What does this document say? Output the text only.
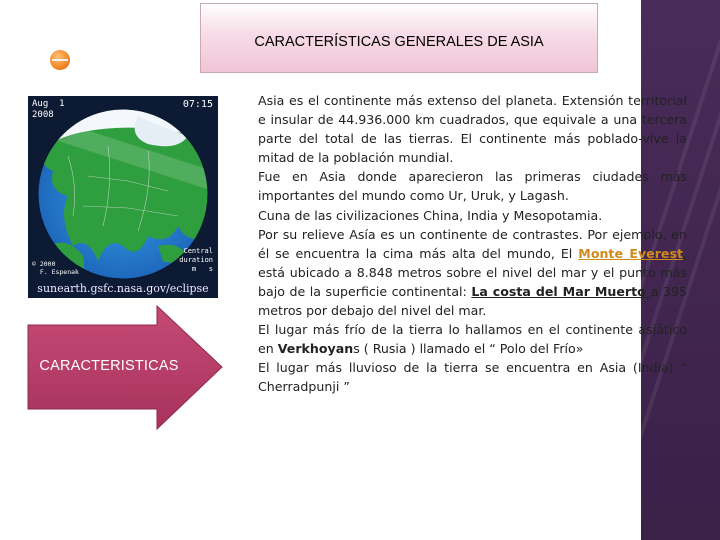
CARACTERÍSTICAS GENERALES DE ASIA
Aug  1
2008
07:15
Central
duration
m   s
© 2000
F. Espenak
sunearth.gsfc.nasa.gov/eclipse
CARACTERISTICAS

Asia es el continente más extenso del planeta. Extensión territorial e insular de 44.936.000 km cuadrados, que equivale a una tercera parte del total de las tierras. El continente más poblado-vive la mitad de la población mundial.

Fue en Asia donde aparecieron las primeras ciudades más importantes del mundo como Ur, Uruk, y Lagash.

Cuna de las civilizaciones China, India y Mesopotamia.

Por su relieve Asía es un continente de contrastes. Por ejemplo, en él se encuentra la cima más alta del mundo, El Monte Everest, está ubicado a 8.848 metros sobre el nivel del mar y el punto más bajo de la superficie continental: La costa del Mar Muerto a 395 metros por debajo del nivel del mar.

El lugar más frío de la tierra lo hallamos en el continente asiático en Verkhoyans ( Rusia ) llamado el “ Polo del Frío»

El lugar más lluvioso de la tierra se encuentra en Asia (India) “ Cherradpunji ”
